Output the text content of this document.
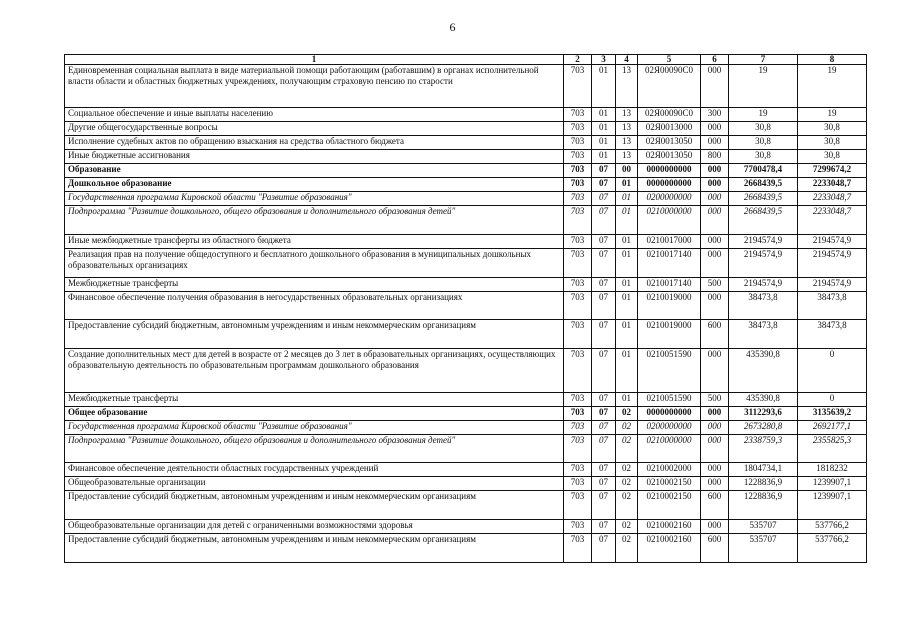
6
1	2	3	4	5	6	7	8
Единовременная социальная выплата в виде материальной помощи работающим (работавшим) в органах исполнительной власти области и областных бюджетных учреждениях, получающим страховую пенсию по старости	703	01	13	02Я00090С0	000	19	19
Социальное обеспечение и иные выплаты населению	703	01	13	02Я00090С0	300	19	19
Другие общегосударственные вопросы	703	01	13	02Я0013000	000	30,8	30,8
Исполнение судебных актов по обращению взыскания на средства областного бюджета	703	01	13	02Я0013050	000	30,8	30,8
Иные бюджетные ассигнования	703	01	13	02Я0013050	800	30,8	30,8
Образование	703	07	00	0000000000	000	7700478,4	7299674,2
Дошкольное образование	703	07	01	0000000000	000	2668439,5	2233048,7
Государственная программа Кировской области "Развитие образования"	703	07	01	0200000000	000	2668439,5	2233048,7
Подпрограмма "Развитие дошкольного, общего образования и дополнительного образования детей"	703	07	01	0210000000	000	2668439,5	2233048,7
Иные межбюджетные трансферты из областного бюджета	703	07	01	0210017000	000	2194574,9	2194574,9
Реализация прав на получение общедоступного и бесплатного дошкольного образования в муниципальных дошкольных образовательных организациях	703	07	01	0210017140	000	2194574,9	2194574,9
Межбюджетные трансферты	703	07	01	0210017140	500	2194574,9	2194574,9
Финансовое обеспечение получения образования в негосударственных образовательных организациях	703	07	01	0210019000	000	38473,8	38473,8
Предоставление субсидий бюджетным, автономным учреждениям и иным некоммерческим организациям	703	07	01	0210019000	600	38473,8	38473,8
Создание дополнительных мест для детей в возрасте от 2 месяцев до 3 лет в образовательных организациях, осуществляющих образовательную деятельность по образовательным программам дошкольного образования	703	07	01	0210051590	000	435390,8	0
Межбюджетные трансферты	703	07	01	0210051590	500	435390,8	0
Общее образование	703	07	02	0000000000	000	3112293,6	3135639,2
Государственная программа Кировской области "Развитие образования"	703	07	02	0200000000	000	2673280,8	2692177,1
Подпрограмма "Развитие дошкольного, общего образования и дополнительного образования детей"	703	07	02	0210000000	000	2338759,3	2355825,3
Финансовое обеспечение деятельности областных государственных учреждений	703	07	02	0210002000	000	1804734,1	1818232
Общеобразовательные организации	703	07	02	0210002150	000	1228836,9	1239907,1
Предоставление субсидий бюджетным, автономным учреждениям и иным некоммерческим организациям	703	07	02	0210002150	600	1228836,9	1239907,1
Общеобразовательные организации для детей с ограниченными возможностями здоровья	703	07	02	0210002160	000	535707	537766,2
Предоставление субсидий бюджетным, автономным учреждениям и иным некоммерческим организациям	703	07	02	0210002160	600	535707	537766,2
